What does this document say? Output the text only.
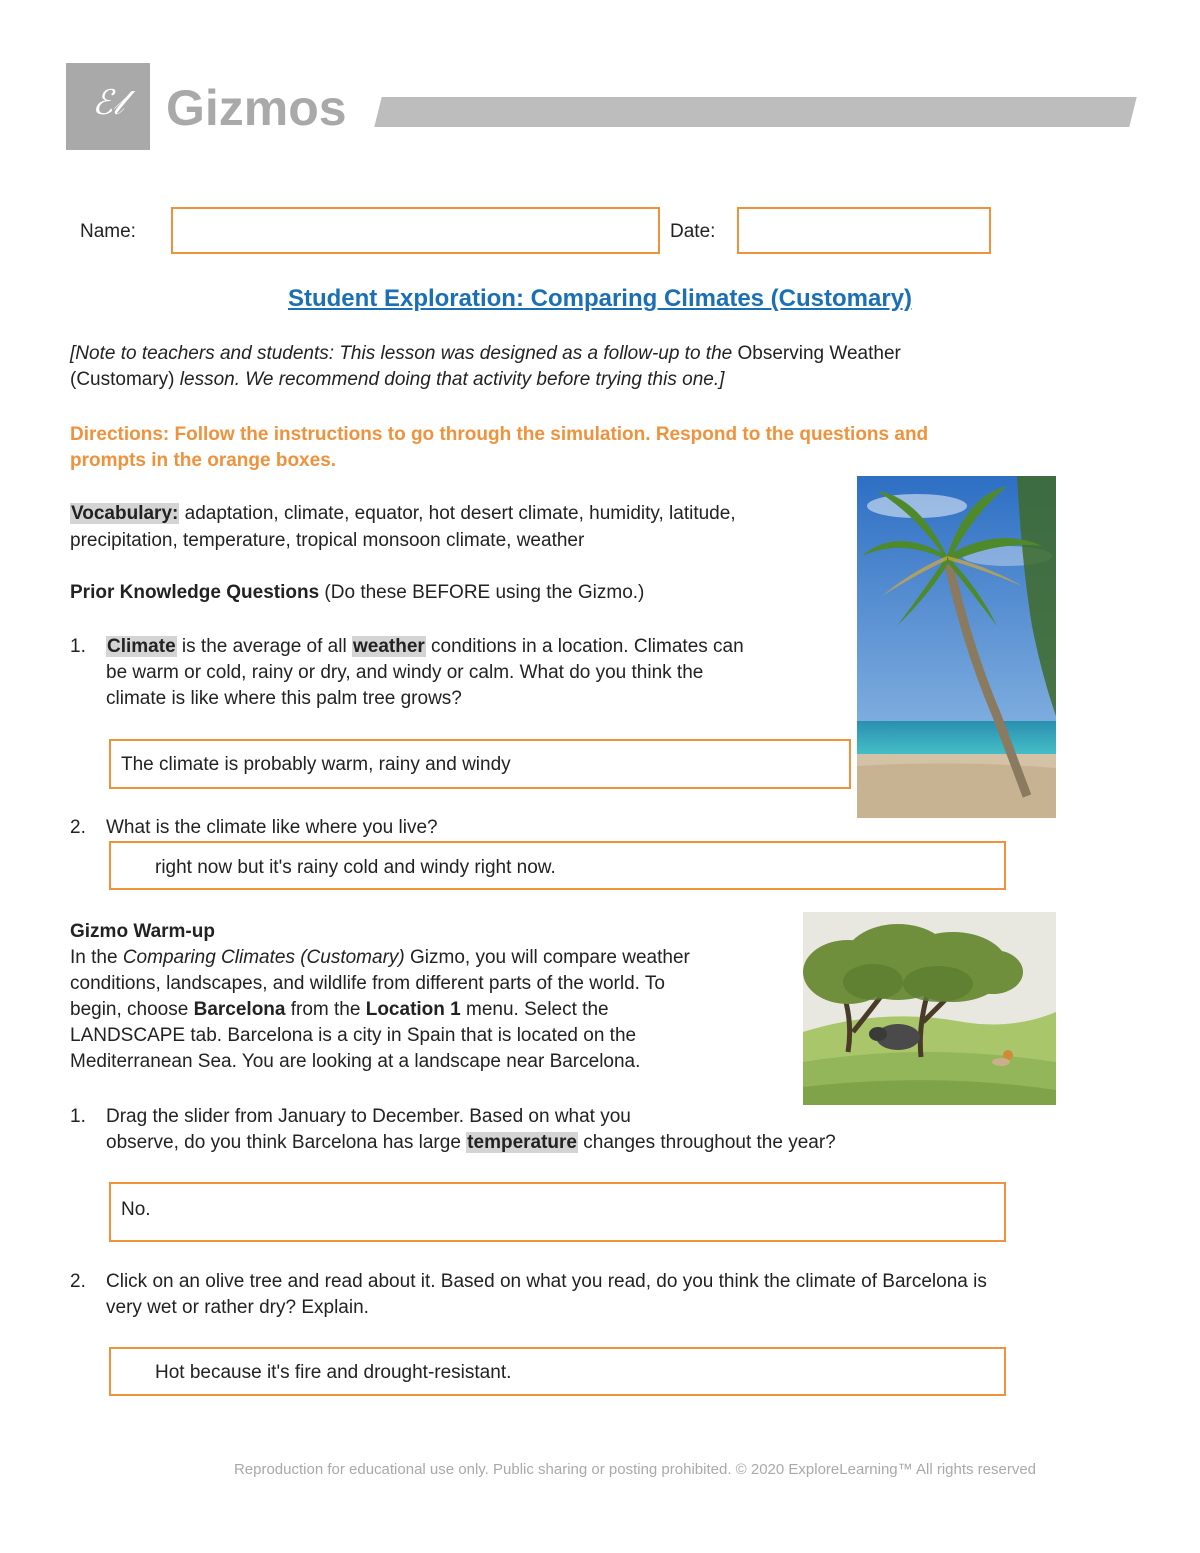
ℰ𝓁 Gizmos
Name:	Date:
Student Exploration: Comparing Climates (Customary)
[Note to teachers and students: This lesson was designed as a follow-up to the Observing Weather
(Customary) lesson. We recommend doing that activity before trying this one.]
Directions: Follow the instructions to go through the simulation. Respond to the questions and
prompts in the orange boxes.
Vocabulary: adaptation, climate, equator, hot desert climate, humidity, latitude,
precipitation, temperature, tropical monsoon climate, weather
Prior Knowledge Questions (Do these BEFORE using the Gizmo.)
1. Climate is the average of all weather conditions in a location. Climates can
be warm or cold, rainy or dry, and windy or calm. What do you think the
climate is like where this palm tree grows?
The climate is probably warm, rainy and windy
2. What is the climate like where you live?
right now but it's rainy cold and windy right now.
Gizmo Warm-up
In the Comparing Climates (Customary) Gizmo, you will compare weather
conditions, landscapes, and wildlife from different parts of the world. To
begin, choose Barcelona from the Location 1 menu. Select the
LANDSCAPE tab. Barcelona is a city in Spain that is located on the
Mediterranean Sea. You are looking at a landscape near Barcelona.
1. Drag the slider from January to December. Based on what you
observe, do you think Barcelona has large temperature changes throughout the year?
No.
2. Click on an olive tree and read about it. Based on what you read, do you think the climate of Barcelona is
very wet or rather dry? Explain.
Hot because it's fire and drought-resistant.
Reproduction for educational use only. Public sharing or posting prohibited. © 2020 ExploreLearning™ All rights reserved
